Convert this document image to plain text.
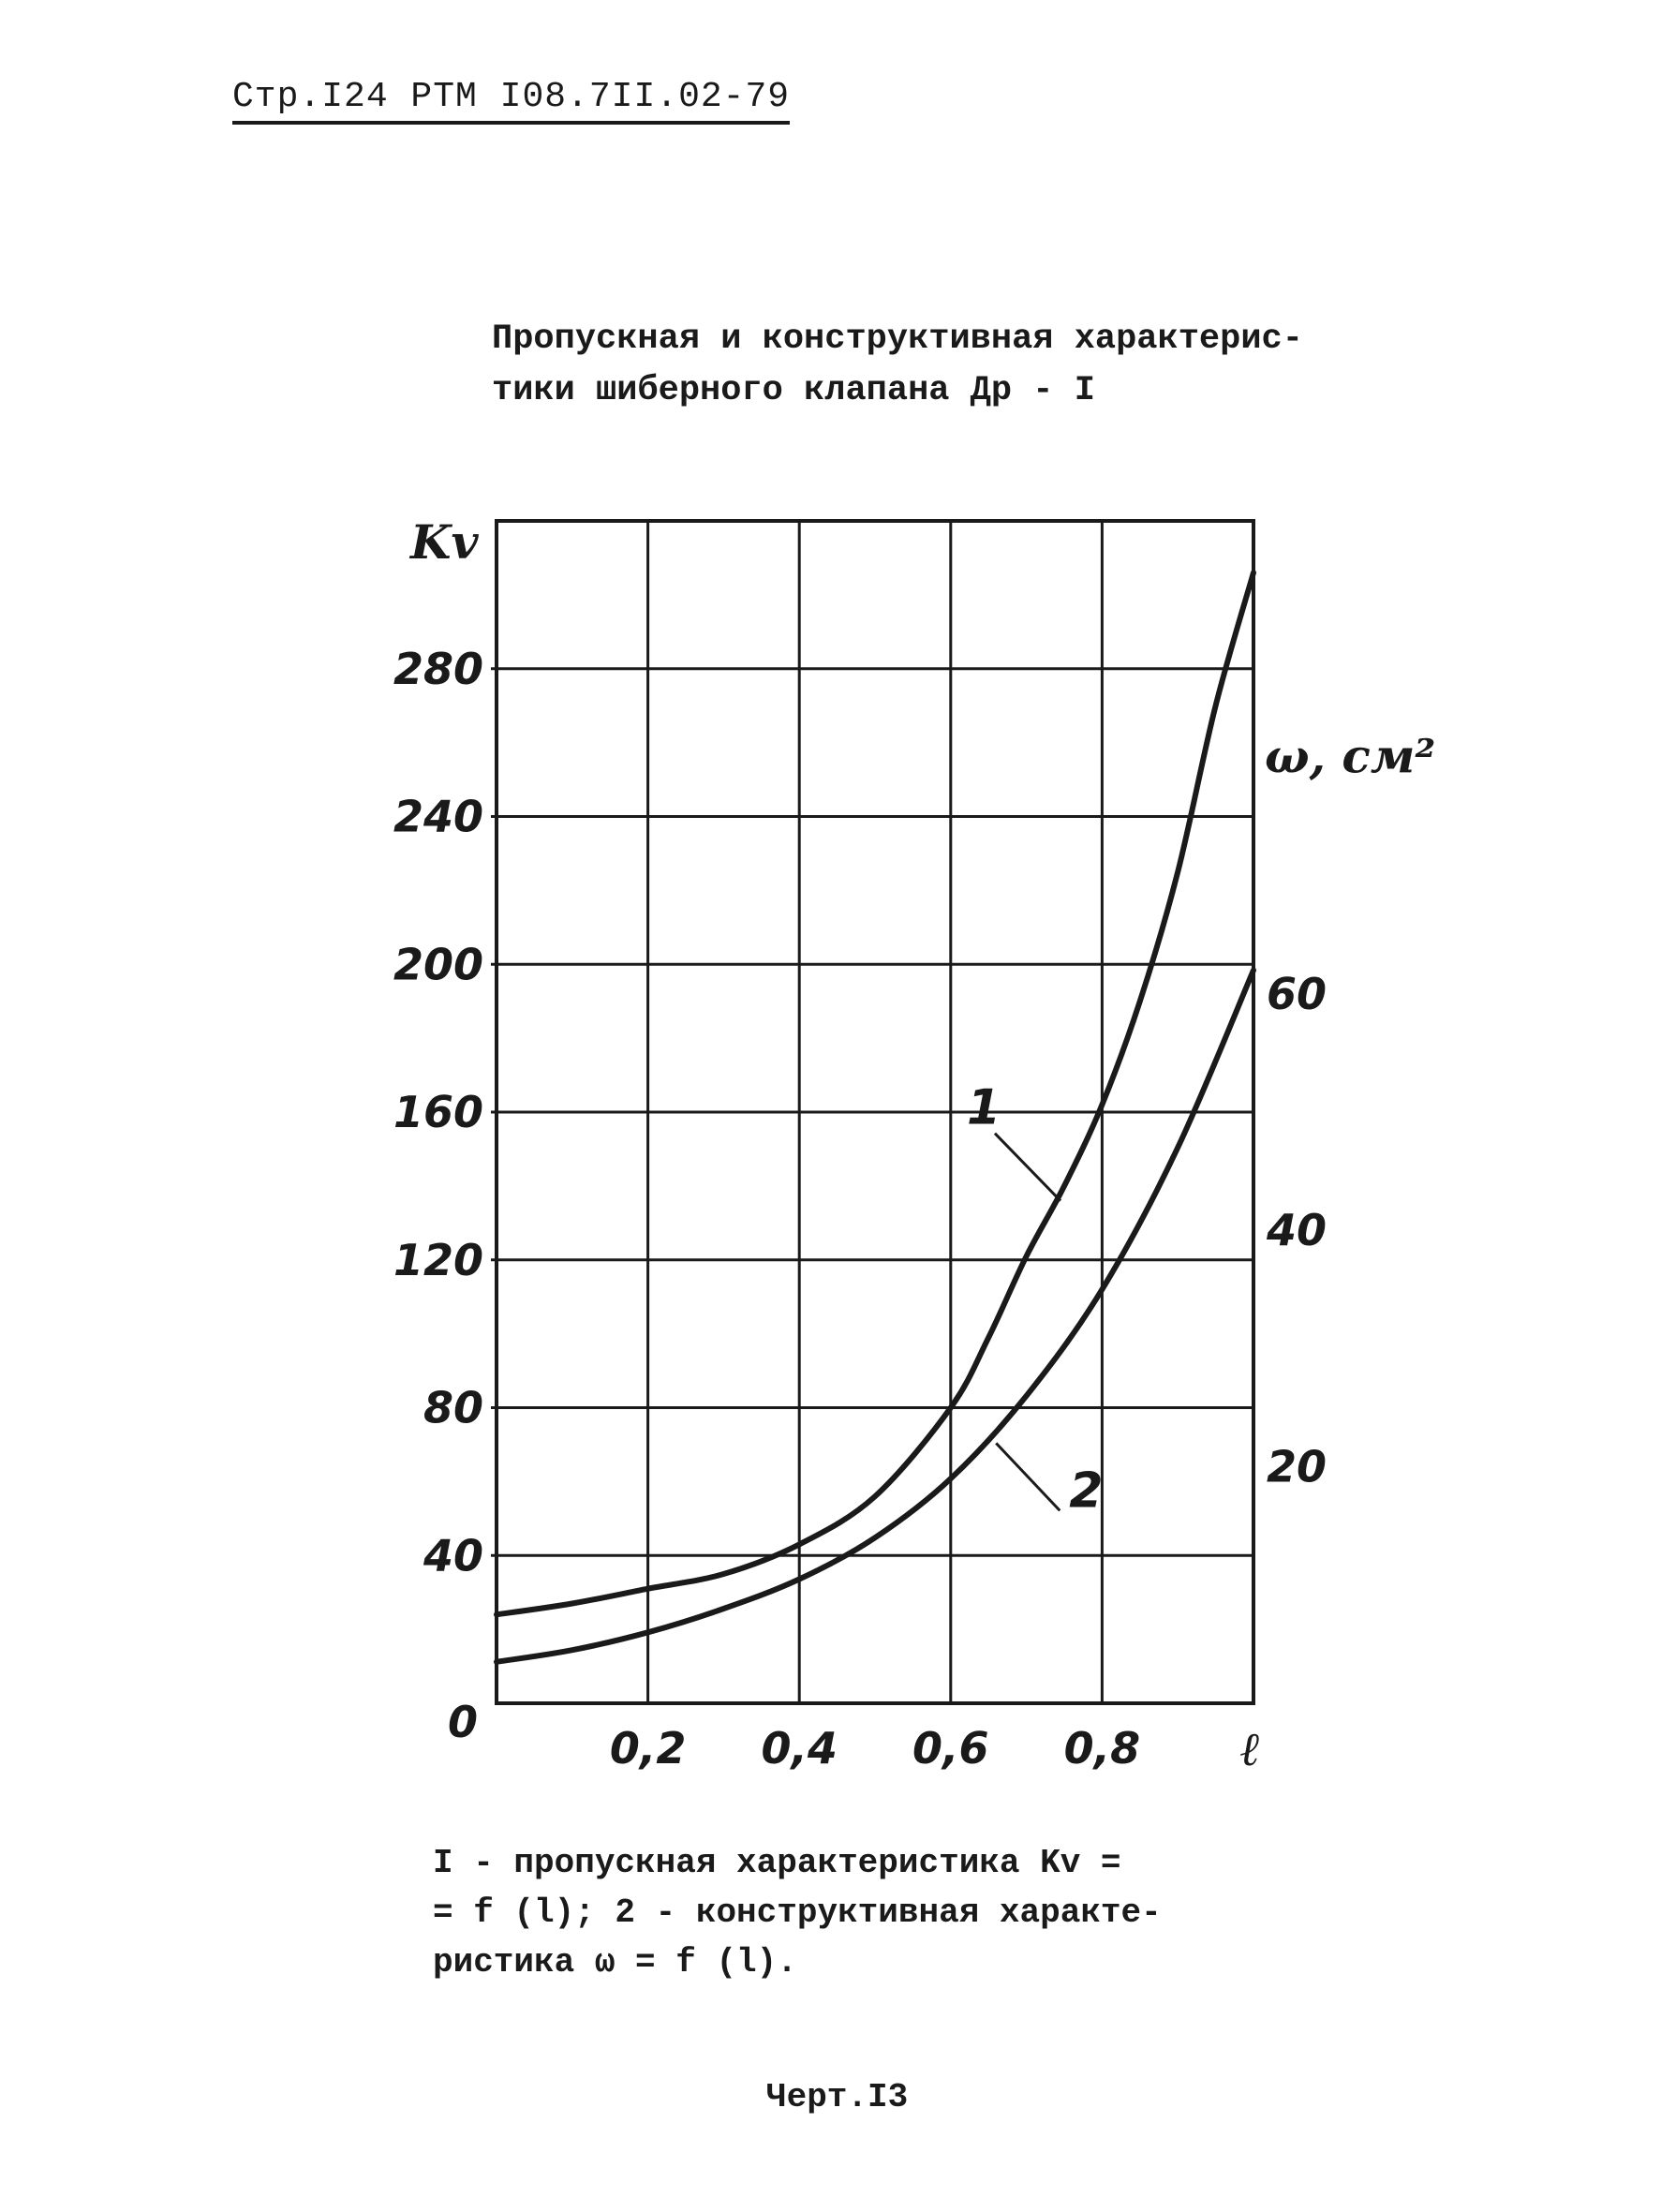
Стр.I24 РТМ I08.7II.02-79
Пропускная и конструктивная характерис-
тики шиберного клапана Др - I
0,2 0,4 0,6 0,8
40
80
120
160
200
240
280
20
40
60
1
2
Kv
ω, см²
ℓ
0
I - пропускная характеристика Kv =
= f (l); 2 - конструктивная характе-
ристика ω = f (l).
Черт.I3
